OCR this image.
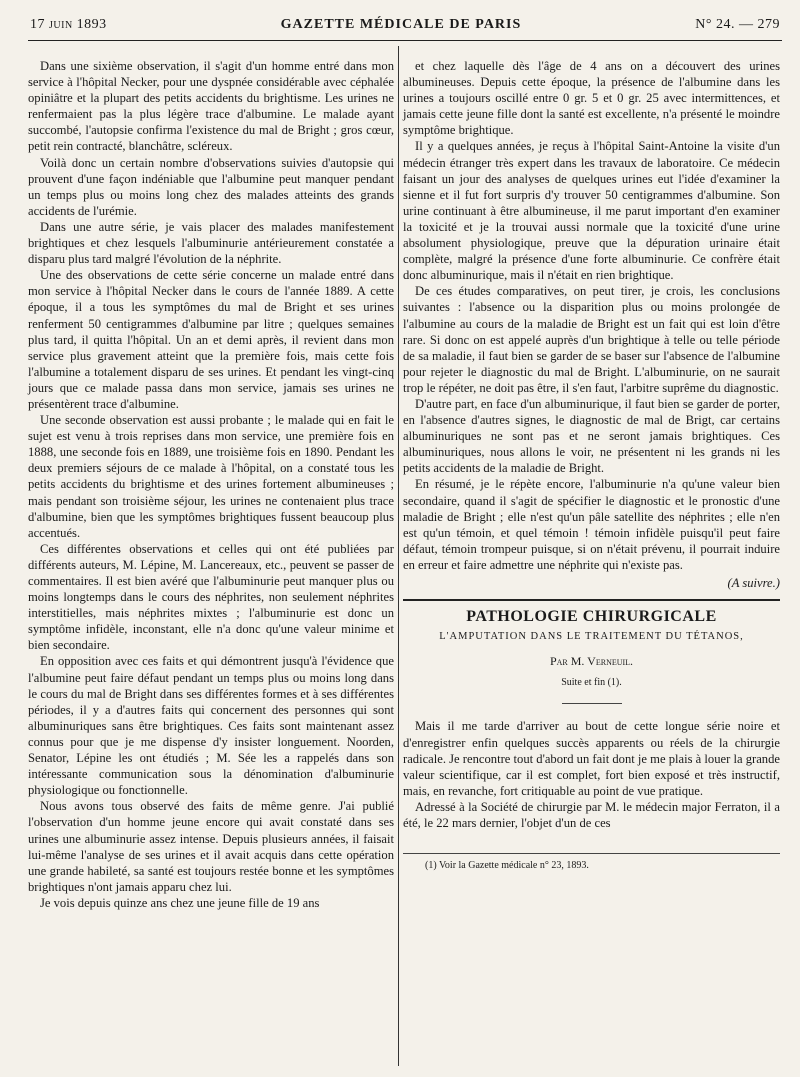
17 juin 1893	GAZETTE MÉDICALE DE PARIS	N° 24. — 279

Dans une sixième observation, il s'agit d'un homme entré dans mon service à l'hôpital Necker, pour une dyspnée considérable avec céphalée opiniâtre et la plupart des petits accidents du brightisme. Les urines ne renfermaient pas la plus légère trace d'albumine. Le malade ayant succombé, l'autopsie confirma l'existence du mal de Bright ; gros cœur, petit rein contracté, blanchâtre, scléreux.

Voilà donc un certain nombre d'observations suivies d'autopsie qui prouvent d'une façon indéniable que l'albumine peut manquer pendant un temps plus ou moins long chez des malades atteints des grands accidents de l'urémie.

Dans une autre série, je vais placer des malades manifestement brightiques et chez lesquels l'albuminurie antérieurement constatée a disparu plus tard malgré l'évolution de la néphrite.

Une des observations de cette série concerne un malade entré dans mon service à l'hôpital Necker dans le cours de l'année 1889. A cette époque, il a tous les symptômes du mal de Bright et ses urines renferment 50 centigrammes d'albumine par litre ; quelques semaines plus tard, il quitta l'hôpital. Un an et demi après, il revient dans mon service plus gravement atteint que la première fois, mais cette fois l'albumine a totalement disparu de ses urines. Et pendant les vingt-cinq jours que ce malade passa dans mon service, jamais ses urines ne présentèrent trace d'albumine.

Une seconde observation est aussi probante ; le malade qui en fait le sujet est venu à trois reprises dans mon service, une première fois en 1888, une seconde fois en 1889, une troisième fois en 1890. Pendant les deux premiers séjours de ce malade à l'hôpital, on a constaté tous les petits accidents du brightisme et des urines fortement albumineuses ; mais pendant son troisième séjour, les urines ne contenaient plus trace d'albumine, bien que les symptômes brightiques fussent beaucoup plus accentués.

Ces différentes observations et celles qui ont été publiées par différents auteurs, M. Lépine, M. Lancereaux, etc., peuvent se passer de commentaires. Il est bien avéré que l'albuminurie peut manquer plus ou moins longtemps dans le cours des néphrites, non seulement néphrites interstitielles, mais néphrites mixtes ; l'albuminurie est donc un symptôme infidèle, inconstant, elle n'a donc qu'une valeur minime et bien secondaire.

En opposition avec ces faits et qui démontrent jusqu'à l'évidence que l'albumine peut faire défaut pendant un temps plus ou moins long dans le cours du mal de Bright dans ses différentes formes et à ses différentes périodes, il y a d'autres faits qui concernent des personnes qui sont albuminuriques sans être brightiques. Ces faits sont maintenant assez connus pour que je me dispense d'y insister longuement. Noorden, Senator, Lépine les ont étudiés ; M. Sée les a rappelés dans son intéressante communication sous la dénomination d'albuminurie physiologique ou fonctionnelle.

Nous avons tous observé des faits de même genre. J'ai publié l'observation d'un homme jeune encore qui avait constaté dans ses urines une albuminurie assez intense. Depuis plusieurs années, il faisait lui-même l'analyse de ses urines et il avait acquis dans cette opération une grande habileté, sa santé est toujours restée bonne et les symptômes brightiques n'ont jamais apparu chez lui.

Je vois depuis quinze ans chez une jeune fille de 19 ans

et chez laquelle dès l'âge de 4 ans on a découvert des urines albumineuses. Depuis cette époque, la présence de l'albumine dans les urines a toujours oscillé entre 0 gr. 5 et 0 gr. 25 avec intermittences, et jamais cette jeune fille dont la santé est excellente, n'a présenté le moindre symptôme brightique.

Il y a quelques années, je reçus à l'hôpital Saint-Antoine la visite d'un médecin étranger très expert dans les travaux de laboratoire. Ce médecin faisant un jour des analyses de quelques urines eut l'idée d'examiner la sienne et il fut fort surpris d'y trouver 50 centigrammes d'albumine. Son urine continuant à être albumineuse, il me parut important d'en examiner la toxicité et je la trouvai aussi normale que la toxicité d'une urine absolument physiologique, preuve que la dépuration urinaire était complète, malgré la présence d'une forte albuminurie. Ce confrère était donc albuminurique, mais il n'était en rien brightique.

De ces études comparatives, on peut tirer, je crois, les conclusions suivantes : l'absence ou la disparition plus ou moins prolongée de l'albumine au cours de la maladie de Bright est un fait qui est loin d'être rare. Si donc on est appelé auprès d'un brightique à telle ou telle période de sa maladie, il faut bien se garder de se baser sur l'absence de l'albumine pour rejeter le diagnostic du mal de Bright. L'albuminurie, on ne saurait trop le répéter, ne doit pas être, il s'en faut, l'arbitre suprême du diagnostic.

D'autre part, en face d'un albuminurique, il faut bien se garder de porter, en l'absence d'autres signes, le diagnostic de mal de Brigt, car certains albuminuriques ne sont pas et ne seront jamais brightiques. Ces albuminuriques, nous allons le voir, ne présentent ni les grands ni les petits accidents de la maladie de Bright.

En résumé, je le répète encore, l'albuminurie n'a qu'une valeur bien secondaire, quand il s'agit de spécifier le diagnostic et le pronostic d'une maladie de Bright ; elle n'est qu'un pâle satellite des néphrites ; elle n'en est qu'un témoin, et quel témoin ! témoin infidèle puisqu'il peut faire défaut, témoin trompeur puisque, si on n'était prévenu, il pourrait induire en erreur et faire admettre une néphrite qui n'existe pas.

(A suivre.)
PATHOLOGIE CHIRURGICALE
L'AMPUTATION DANS LE TRAITEMENT DU TÉTANOS,
Par M. Verneuil.
Suite et fin (1).

Mais il me tarde d'arriver au bout de cette longue série noire et d'enregistrer enfin quelques succès apparents ou réels de la chirurgie radicale. Je rencontre tout d'abord un fait dont je me plais à louer la grande valeur scientifique, car il est complet, fort bien exposé et très instructif, mais, en revanche, fort critiquable au point de vue pratique.

Adressé à la Société de chirurgie par M. le médecin major Ferraton, il a été, le 22 mars dernier, l'objet d'un de ces

(1) Voir la Gazette médicale n° 23, 1893.
